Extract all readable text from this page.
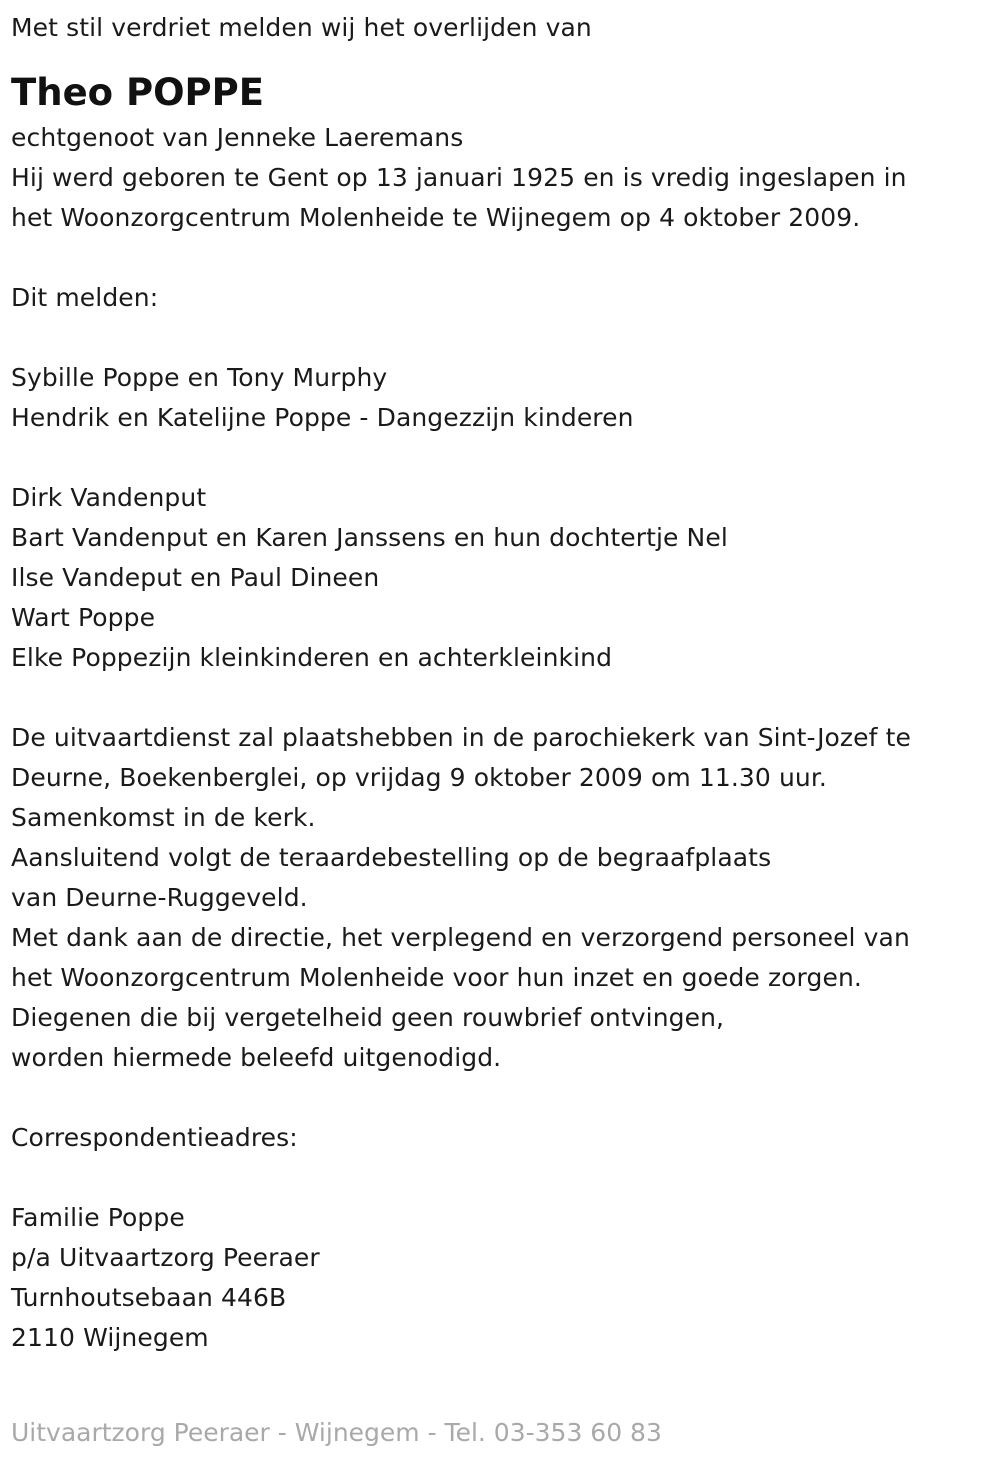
Met stil verdriet melden wij het overlijden van
Theo POPPE
echtgenoot van Jenneke Laeremans
Hij werd geboren te Gent op 13 januari 1925 en is vredig ingeslapen in
het Woonzorgcentrum Molenheide te Wijnegem op 4 oktober 2009.
Dit melden:
Sybille Poppe en Tony Murphy
Hendrik en Katelijne Poppe - Dangezzijn kinderen
Dirk Vandenput
Bart Vandenput en Karen Janssens en hun dochtertje Nel
Ilse Vandeput en Paul Dineen
Wart Poppe
Elke Poppezijn kleinkinderen en achterkleinkind
De uitvaartdienst zal plaatshebben in de parochiekerk van Sint-Jozef te
Deurne, Boekenberglei, op vrijdag 9 oktober 2009 om 11.30 uur.
Samenkomst in de kerk.
Aansluitend volgt de teraardebestelling op de begraafplaats
van Deurne-Ruggeveld.
Met dank aan de directie, het verplegend en verzorgend personeel van
het Woonzorgcentrum Molenheide voor hun inzet en goede zorgen.
Diegenen die bij vergetelheid geen rouwbrief ontvingen,
worden hiermede beleefd uitgenodigd.
Correspondentieadres:
Familie Poppe
p/a Uitvaartzorg Peeraer
Turnhoutsebaan 446B
2110 Wijnegem
Uitvaartzorg Peeraer - Wijnegem - Tel. 03-353 60 83
